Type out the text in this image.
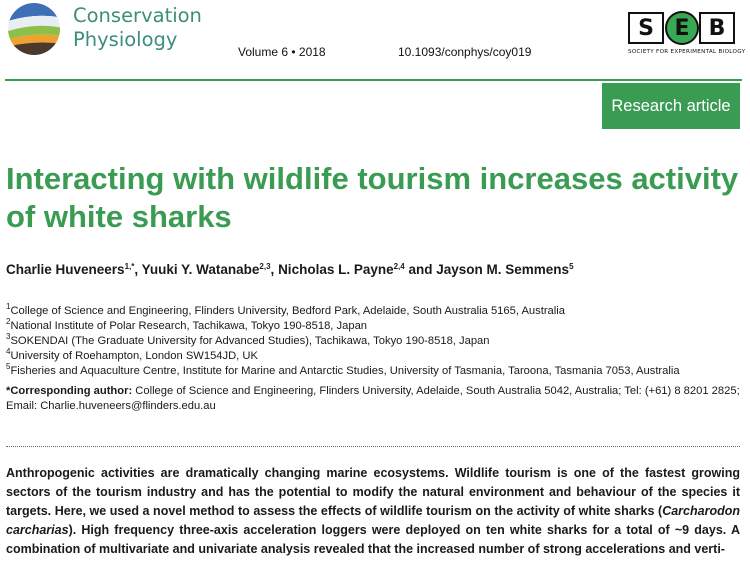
Conservation
Physiology
Volume 6 • 2018	10.1093/conphys/coy019
S E B
SOCIETY FOR EXPERIMENTAL BIOLOGY
Research article
Interacting with wildlife tourism increases activity of white sharks
Charlie Huveneers$^{1,*}$, Yuuki Y. Watanabe$^{2,3}$, Nicholas L. Payne$^{2,4}$ and Jayson M. Semmens$^5$
$^1$College of Science and Engineering, Flinders University, Bedford Park, Adelaide, South Australia 5165, Australia
$^2$National Institute of Polar Research, Tachikawa, Tokyo 190-8518, Japan
$^3$SOKENDAI (The Graduate University for Advanced Studies), Tachikawa, Tokyo 190-8518, Japan
$^4$University of Roehampton, London SW154JD, UK
$^5$Fisheries and Aquaculture Centre, Institute for Marine and Antarctic Studies, University of Tasmania, Taroona, Tasmania 7053, Australia
*Corresponding author: College of Science and Engineering, Flinders University, Adelaide, South Australia 5042, Australia; Tel: (+61) 8 8201 2825; Email: Charlie.huveneers@flinders.edu.au
Anthropogenic activities are dramatically changing marine ecosystems. Wildlife tourism is one of the fastest growing sectors of the tourism industry and has the potential to modify the natural environment and behaviour of the species it targets. Here, we used a novel method to assess the effects of wildlife tourism on the activity of white sharks (Carcharodon carcharias). High frequency three-axis acceleration loggers were deployed on ten white sharks for a total of ~9 days. A combination of multivariate and univariate analysis revealed that the increased number of strong accelerations and verti-
